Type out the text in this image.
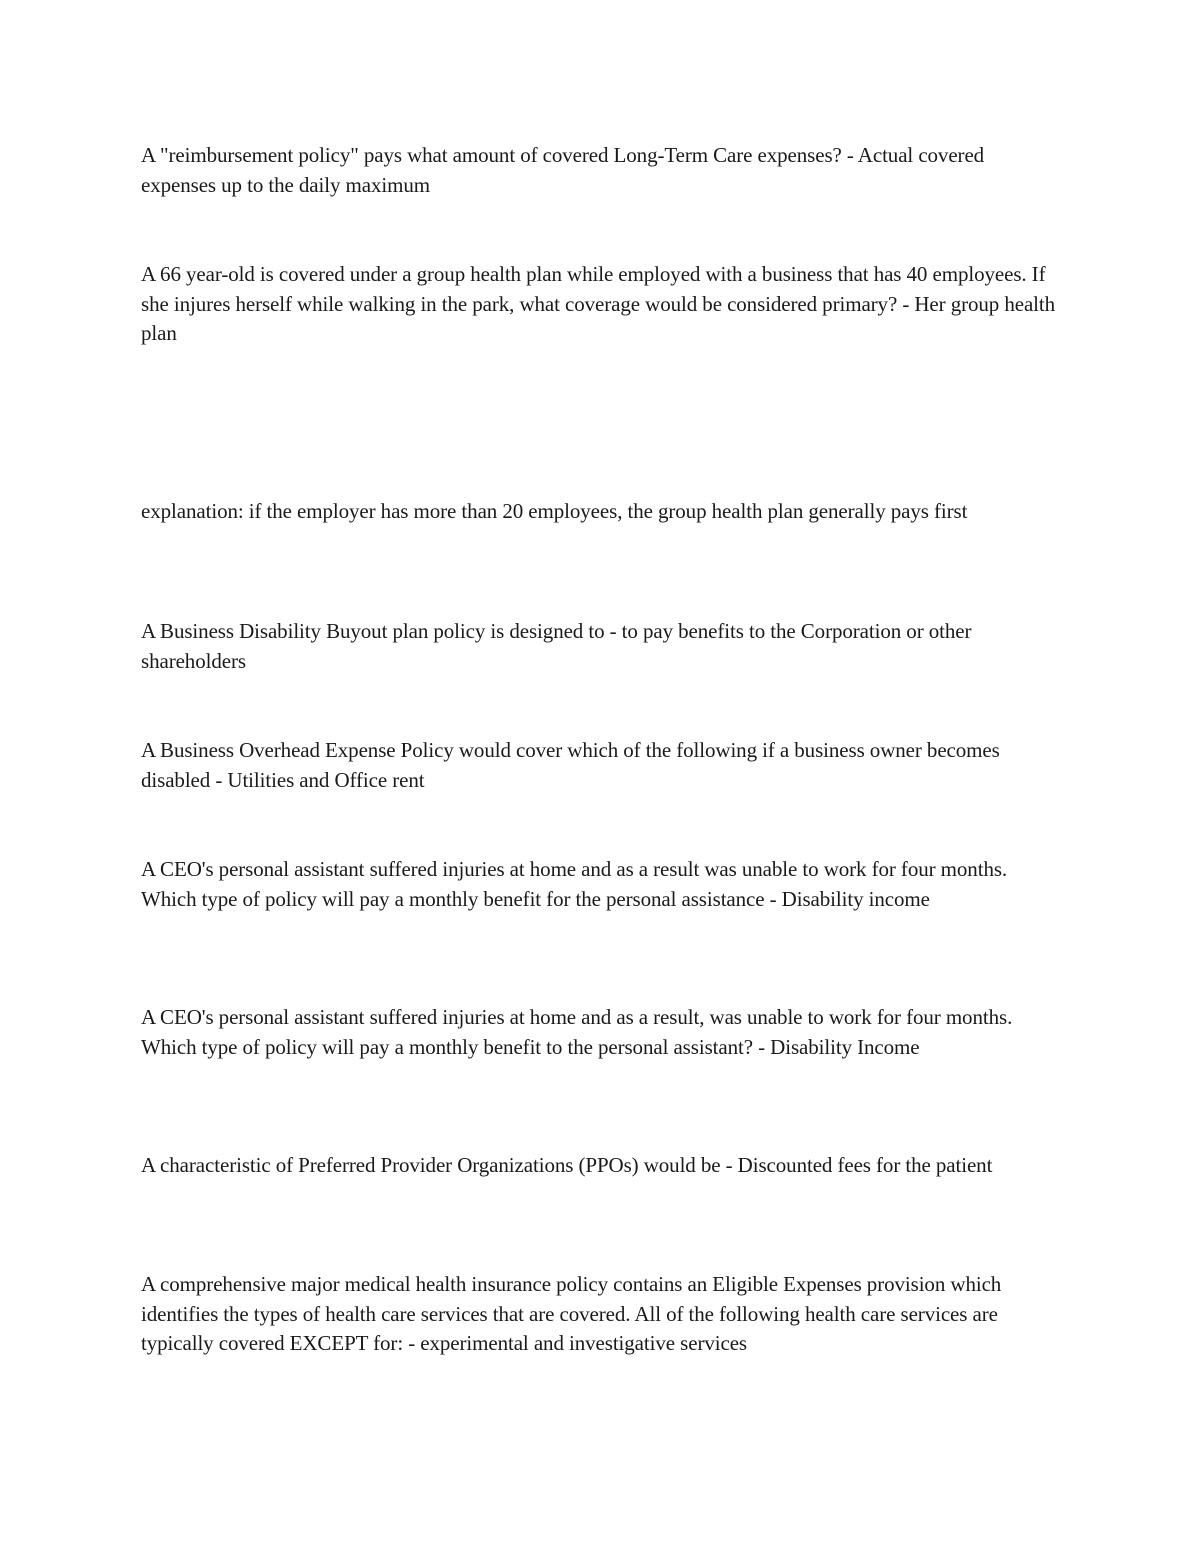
A "reimbursement policy" pays what amount of covered Long-Term Care expenses? - Actual covered expenses up to the daily maximum

A 66 year-old is covered under a group health plan while employed with a business that has 40 employees. If she injures herself while walking in the park, what coverage would be considered primary? - Her group health plan

explanation: if the employer has more than 20 employees, the group health plan generally pays first

A Business Disability Buyout plan policy is designed to - to pay benefits to the Corporation or other shareholders

A Business Overhead Expense Policy would cover which of the following if a business owner becomes disabled - Utilities and Office rent

A CEO's personal assistant suffered injuries at home and as a result was unable to work for four months. Which type of policy will pay a monthly benefit for the personal assistance - Disability income

A CEO's personal assistant suffered injuries at home and as a result, was unable to work for four months. Which type of policy will pay a monthly benefit to the personal assistant? - Disability Income

A characteristic of Preferred Provider Organizations (PPOs) would be - Discounted fees for the patient

A comprehensive major medical health insurance policy contains an Eligible Expenses provision which identifies the types of health care services that are covered. All of the following health care services are typically covered EXCEPT for: - experimental and investigative services
